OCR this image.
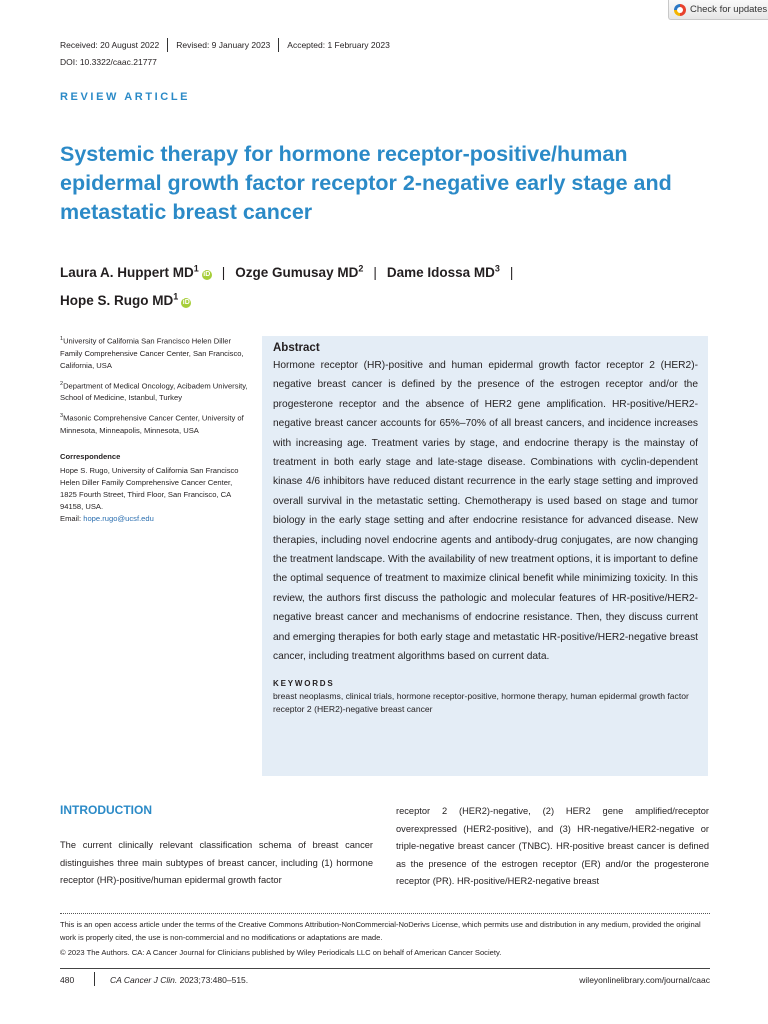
Check for updates
Received: 20 August 2022	Revised: 9 January 2023	Accepted: 1 February 2023
DOI: 10.3322/caac.21777
REVIEW ARTICLE
Systemic therapy for hormone receptor-positive/human epidermal growth factor receptor 2-negative early stage and metastatic breast cancer
Laura A. Huppert $MD^1iD$ | Ozge Gumusay $MD^2$ | Dame Idossa $MD^3$ |
Hope S. Rugo $MD^1iD$

$^1$University of California San Francisco Helen Diller Family Comprehensive Cancer Center, San Francisco, California, USA

$^2$Department of Medical Oncology, Acibadem University, School of Medicine, Istanbul, Turkey

$^3$Masonic Comprehensive Cancer Center, University of Minnesota, Minneapolis, Minnesota, USA

Correspondence

Hope S. Rugo, University of California San Francisco Helen Diller Family Comprehensive Cancer Center, 1825 Fourth Street, Third Floor, San Francisco, CA 94158, USA.
Email: hope.rugo@ucsf.edu

Abstract

Hormone receptor (HR)-positive and human epidermal growth factor receptor 2 (HER2)-negative breast cancer is defined by the presence of the estrogen receptor and/or the progesterone receptor and the absence of HER2 gene amplification. HR-positive/HER2-negative breast cancer accounts for 65%–70% of all breast cancers, and incidence increases with increasing age. Treatment varies by stage, and endocrine therapy is the mainstay of treatment in both early stage and late-stage disease. Combinations with cyclin-dependent kinase 4/6 inhibitors have reduced distant recurrence in the early stage setting and improved overall survival in the metastatic setting. Chemotherapy is used based on stage and tumor biology in the early stage setting and after endocrine resistance for advanced disease. New therapies, including novel endocrine agents and antibody-drug conjugates, are now changing the treatment landscape. With the availability of new treatment options, it is important to define the optimal sequence of treatment to maximize clinical benefit while minimizing toxicity. In this review, the authors first discuss the pathologic and molecular features of HR-positive/HER2-negative breast cancer and mechanisms of endocrine resistance. Then, they discuss current and emerging therapies for both early stage and metastatic HR-positive/HER2-negative breast cancer, including treatment algorithms based on current data.

KEYWORDS

breast neoplasms, clinical trials, hormone receptor-positive, hormone therapy, human epidermal growth factor receptor 2 (HER2)-negative breast cancer

INTRODUCTION

The current clinically relevant classification schema of breast cancer distinguishes three main subtypes of breast cancer, including (1) hormone receptor (HR)-positive/human epidermal growth factor

receptor 2 (HER2)-negative, (2) HER2 gene amplified/receptor overexpressed (HER2-positive), and (3) HR-negative/HER2-negative or triple-negative breast cancer (TNBC). HR-positive breast cancer is defined as the presence of the estrogen receptor (ER) and/or the progesterone receptor (PR). HR-positive/HER2-negative breast

This is an open access article under the terms of the Creative Commons Attribution-NonCommercial-NoDerivs License, which permits use and distribution in any medium, provided the original work is properly cited, the use is non-commercial and no modifications or adaptations are made.

© 2023 The Authors. CA: A Cancer Journal for Clinicians published by Wiley Periodicals LLC on behalf of American Cancer Society.
480	CA Cancer J Clin. 2023;73:480–515.	wileyonlinelibrary.com/journal/caac
